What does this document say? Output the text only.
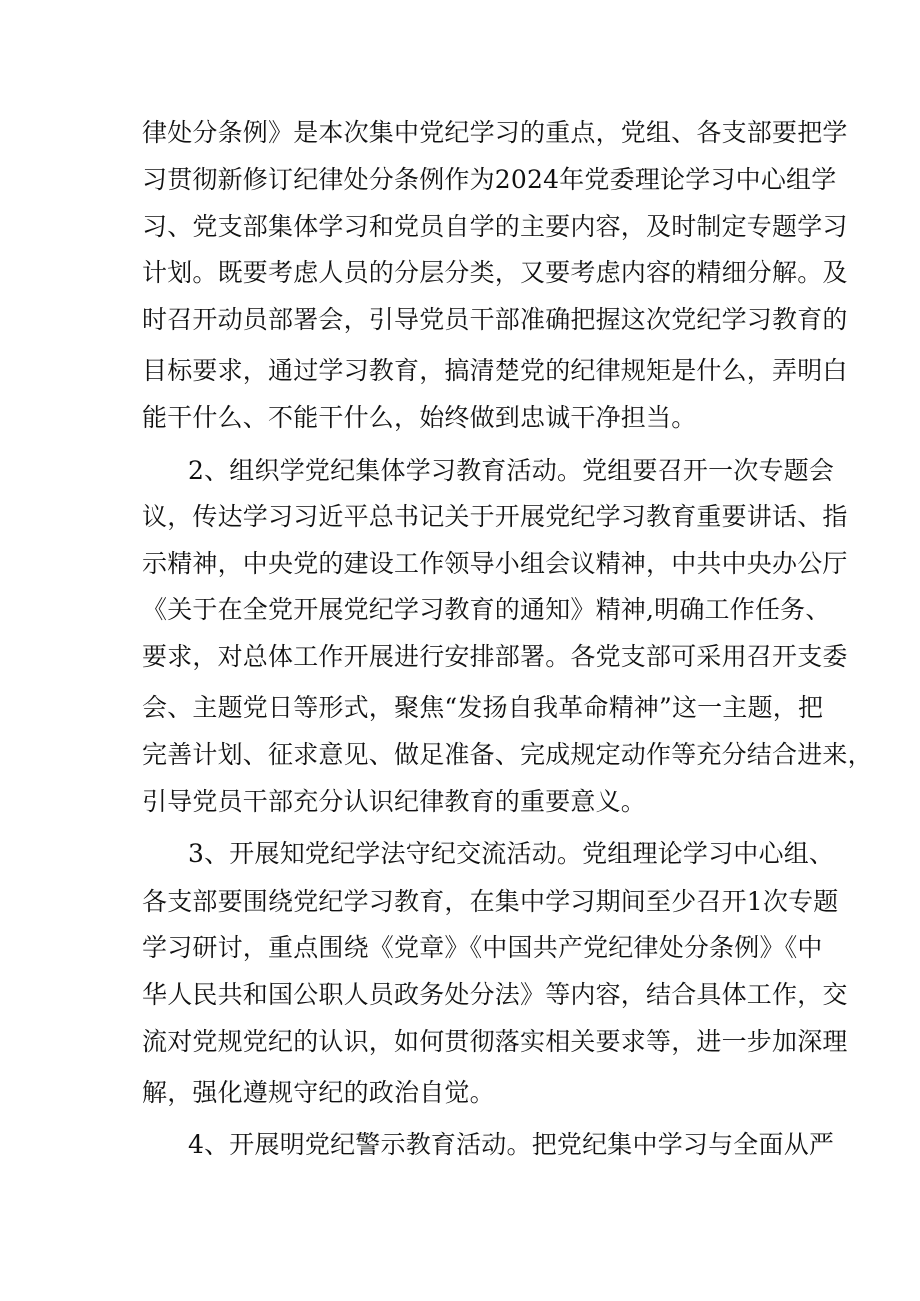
律处分条例》是本次集中党纪学习的重点，党组、各支部要把学
习贯彻新修订纪律处分条例作为2024年党委理论学习中心组学
习、党支部集体学习和党员自学的主要内容，及时制定专题学习
计划。既要考虑人员的分层分类，又要考虑内容的精细分解。及
时召开动员部署会，引导党员干部准确把握这次党纪学习教育的
目标要求，通过学习教育，搞清楚党的纪律规矩是什么，弄明白
能干什么、不能干什么，始终做到忠诚干净担当。
2、组织学党纪集体学习教育活动。党组要召开一次专题会
议，传达学习习近平总书记关于开展党纪学习教育重要讲话、指
示精神，中央党的建设工作领导小组会议精神，中共中央办公厅
《关于在全党开展党纪学习教育的通知》精神,明确工作任务、
要求，对总体工作开展进行安排部署。各党支部可采用召开支委
会、主题党日等形式，聚焦“发扬自我革命精神”这一主题，把
完善计划、征求意见、做足准备、完成规定动作等充分结合进来，
引导党员干部充分认识纪律教育的重要意义。
3、开展知党纪学法守纪交流活动。党组理论学习中心组、
各支部要围绕党纪学习教育，在集中学习期间至少召开1次专题
学习研讨，重点围绕《党章》《中国共产党纪律处分条例》《中
华人民共和国公职人员政务处分法》等内容，结合具体工作，交
流对党规党纪的认识，如何贯彻落实相关要求等，进一步加深理
解，强化遵规守纪的政治自觉。
4、开展明党纪警示教育活动。把党纪集中学习与全面从严
